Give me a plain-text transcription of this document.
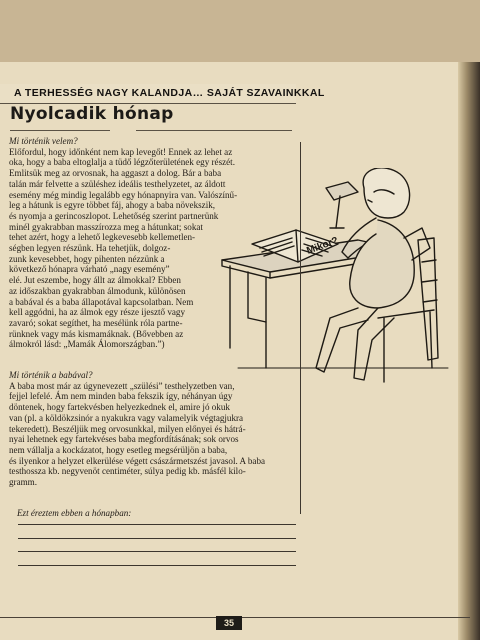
A TERHESSÉG NAGY KALANDJA… SAJÁT SZAVAINKKAL
Nyolcadik hónap
Mi történik velem?
Előfordul, hogy időnként nem kap levegőt! Ennek az lehet az
oka, hogy a baba eltoglalja a tüdő légzőterületének egy részét.
Emlitsük meg az orvosnak, ha aggaszt a dolog. Bár a baba
talán már felvette a szüléshez ideális testhelyzetet, az áldott
esemény még mindig legalább egy hónapnyira van. Valószínű-
leg a hátunk is egyre többet fáj, ahogy a baba növekszik,
és nyomja a gerincoszlopot. Lehetőség szerint partnerünk
minél gyakrabban masszírozza meg a hátunkat; sokat
tehet azért, hogy a lehető legkevesebb kellemetlen-
ségben legyen részünk. Ha tehetjük, dolgoz-
zunk kevesebbet, hogy pihenten nézzünk a
következő hónapra várható „nagy esemény”
elé. Jut eszembe, hogy állt az álmokkal? Ebben
az időszakban gyakrabban álmodunk, különösen
a babával és a baba állapotával kapcsolatban. Nem
kell aggódni, ha az álmok egy része ijesztő vagy
zavaró; sokat segíthet, ha mesélünk róla partne-
rünknek vagy más kismamáknak. (Bővebben az
álmokról lásd: „Mamák Álomországban.”)
Mikor?
Mi történik a babával?
A baba most már az úgynevezett „szülési” testhelyzetben van,
fejjel lefelé. Ám nem minden baba fekszik így, néhányan úgy
döntenek, hogy fartekvésben helyezkednek el, amire jó okuk
van (pl. a köldökzsinór a nyakukra vagy valamelyik végtagjukra
tekeredett). Beszéljük meg orvosunkkal, milyen előnyei és hátrá-
nyai lehetnek egy fartekvéses baba megfordításának; sok orvos
nem vállalja a kockázatot, hogy esetleg megsérüljön a baba,
és ilyenkor a helyzet elkerülése végett császármetszést javasol. A baba
testhossza kb. negyvenöt centiméter, súlya pedig kb. másfél kilo-
gramm.
Ezt éreztem ebben a hónapban:
35
